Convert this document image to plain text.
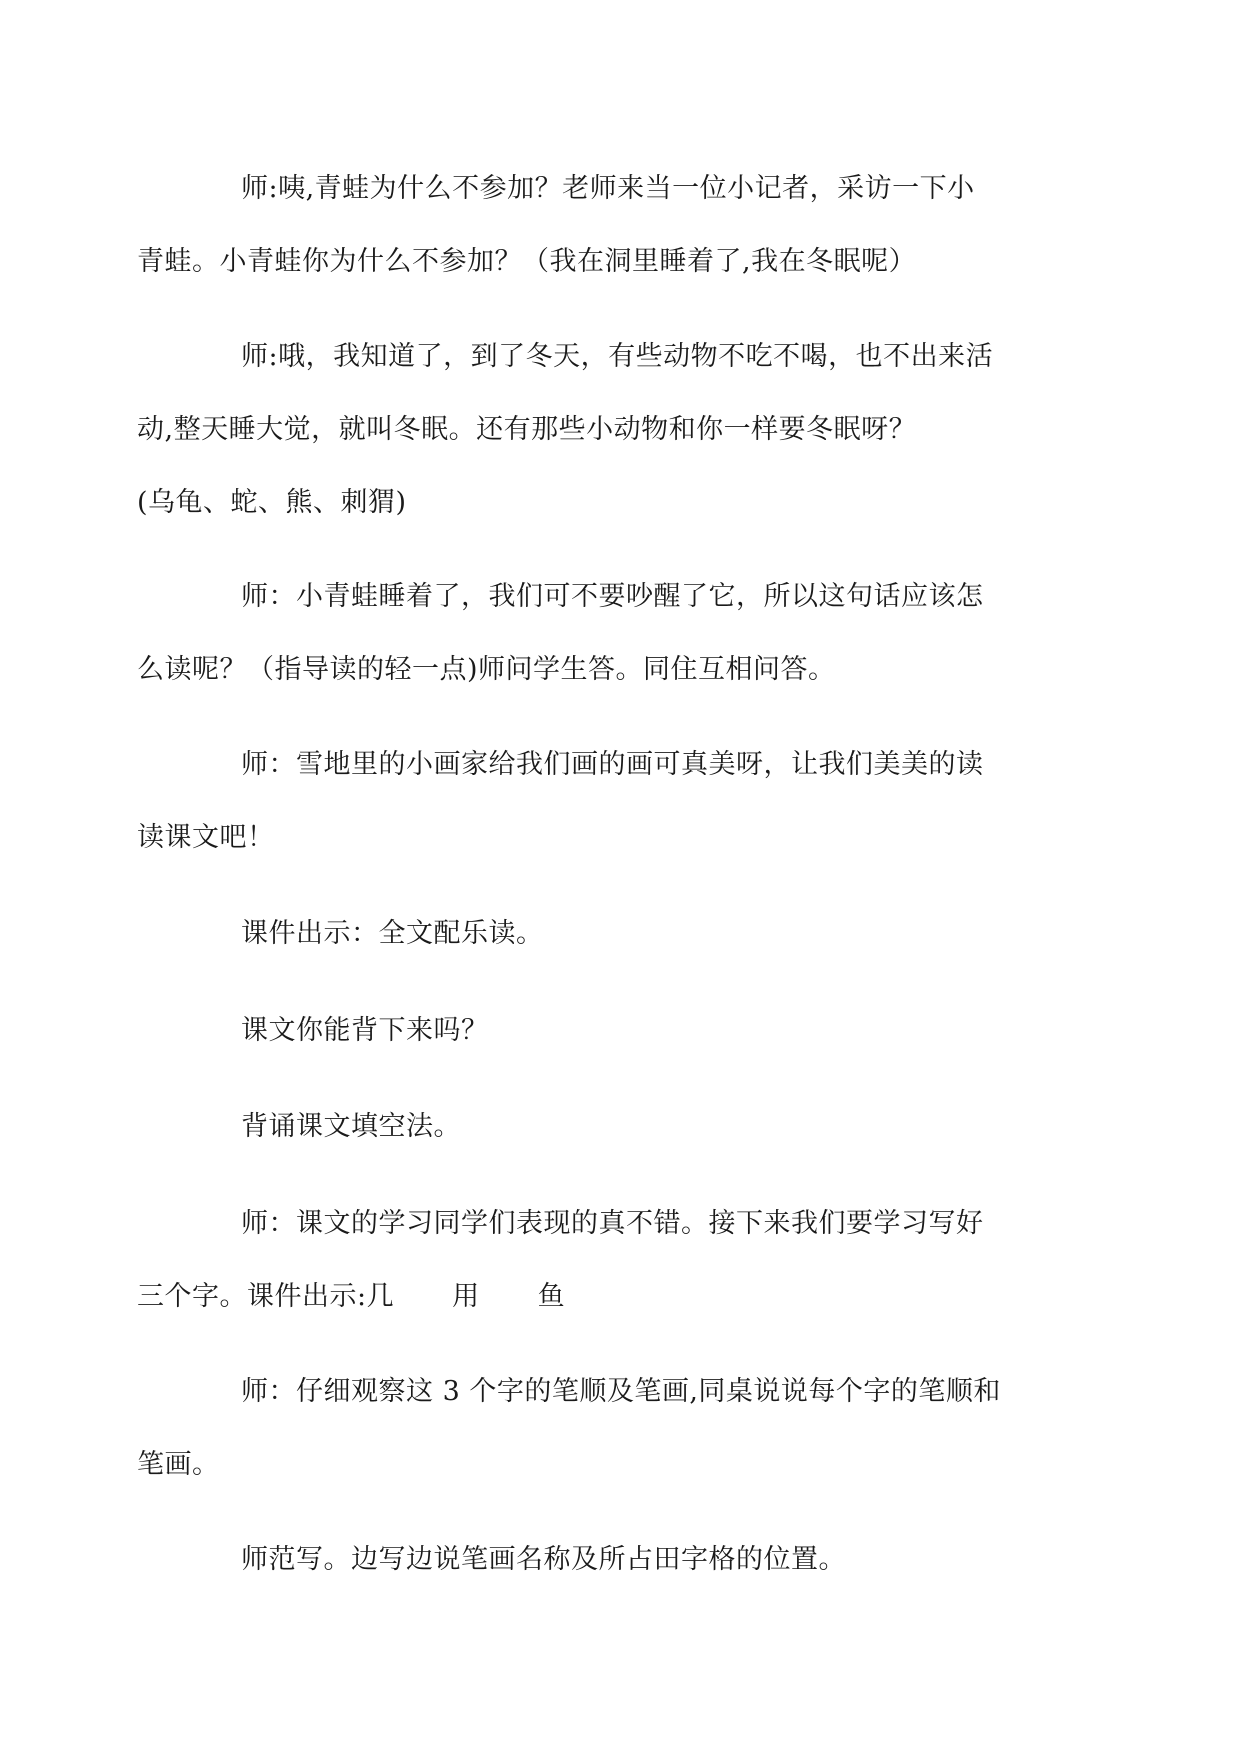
师:咦,青蛙为什么不参加？老师来当一位小记者，采访一下小
青蛙。小青蛙你为什么不参加？（我在洞里睡着了,我在冬眠呢）

师:哦，我知道了，到了冬天，有些动物不吃不喝，也不出来活
动,整天睡大觉，就叫冬眠。还有那些小动物和你一样要冬眠呀？
(乌龟、蛇、熊、刺猬)

师：小青蛙睡着了，我们可不要吵醒了它，所以这句话应该怎
么读呢？（指导读的轻一点)师问学生答。同住互相问答。

师：雪地里的小画家给我们画的画可真美呀，让我们美美的读
读课文吧！

课件出示：全文配乐读。

课文你能背下来吗？

背诵课文填空法。

师：课文的学习同学们表现的真不错。接下来我们要学习写好
三个字。课件出示:几 用 鱼

师：仔细观察这 3 个字的笔顺及笔画,同桌说说每个字的笔顺和
笔画。

师范写。边写边说笔画名称及所占田字格的位置。
